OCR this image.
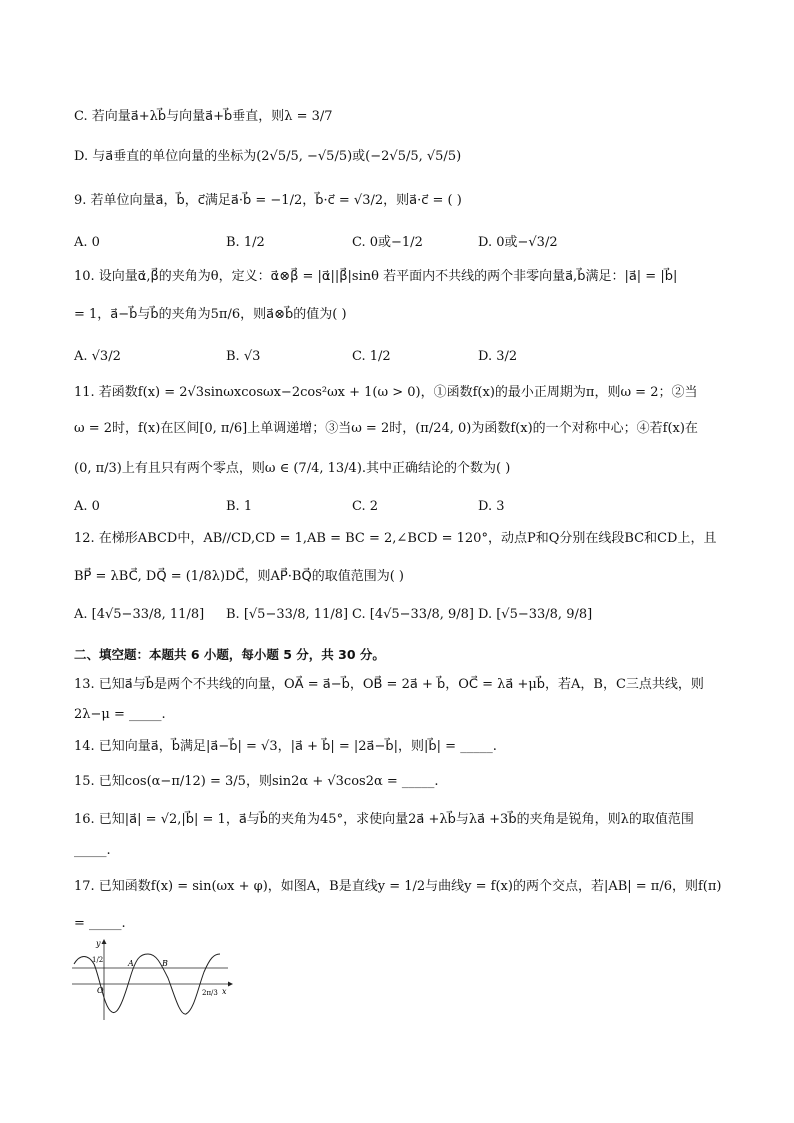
C. 若向量a⃗+λb⃗与向量a⃗+b⃗垂直，则λ = 3/7
D. 与a⃗垂直的单位向量的坐标为(2√5/5, −√5/5)或(−2√5/5, √5/5)
9. 若单位向量a⃗，b⃗，c⃗满足a⃗·b⃗ = −1/2，b⃗·c⃗ = √3/2，则a⃗·c⃗ = ( )
A. 0	B. 1/2	C. 0或−1/2	D. 0或−√3/2
10. 设向量α⃗,β⃗的夹角为θ，定义：α⃗⊗β⃗ = |α⃗||β⃗|sinθ 若平面内不共线的两个非零向量a⃗,b⃗满足：|a⃗| = |b⃗|
= 1，a⃗−b⃗与b⃗的夹角为5π/6，则a⃗⊗b⃗的值为( )
A. √3/2	B. √3	C. 1/2	D. 3/2
11. 若函数f(x) = 2√3sinωxcosωx−2cos²ωx + 1(ω > 0)，①函数f(x)的最小正周期为π，则ω = 2；②当
ω = 2时，f(x)在区间[0, π/6]上单调递增；③当ω = 2时，(π/24, 0)为函数f(x)的一个对称中心；④若f(x)在
(0, π/3)上有且只有两个零点，则ω ∈ (7/4, 13/4).其中正确结论的个数为( )
A. 0	B. 1	C. 2	D. 3
12. 在梯形ABCD中，AB//CD,CD = 1,AB = BC = 2,∠BCD = 120°，动点P和Q分别在线段BC和CD上，且
BP⃗ = λBC⃗, DQ⃗ = (1/8λ)DC⃗，则AP⃗·BQ⃗的取值范围为( )
A. [4√5−33/8, 11/8] B. [√5−33/8, 11/8] C. [4√5−33/8, 9/8] D. [√5−33/8, 9/8]
二、填空题：本题共 6 小题，每小题 5 分，共 30 分。
13. 已知a⃗与b⃗是两个不共线的向量，OA⃗ = a⃗−b⃗，OB⃗ = 2a⃗ + b⃗，OC⃗ = λa⃗ +μb⃗，若A，B，C三点共线，则
2λ−μ = _____.
14. 已知向量a⃗，b⃗满足|a⃗−b⃗| = √3，|a⃗ + b⃗| = |2a⃗−b⃗|，则|b⃗| = _____.
15. 已知cos(α−π/12) = 3/5，则sin2α + √3cos2α = _____.
16. 已知|a⃗| = √2,|b⃗| = 1，a⃗与b⃗的夹角为45°，求使向量2a⃗ +λb⃗与λa⃗ +3b⃗的夹角是锐角，则λ的取值范围
_____.
17. 已知函数f(x) = sin(ωx + φ)，如图A，B是直线y = 1/2与曲线y = f(x)的两个交点，若|AB| = π/6，则f(π)
= _____.
y
1/2	A	B
O	2π/3 x
